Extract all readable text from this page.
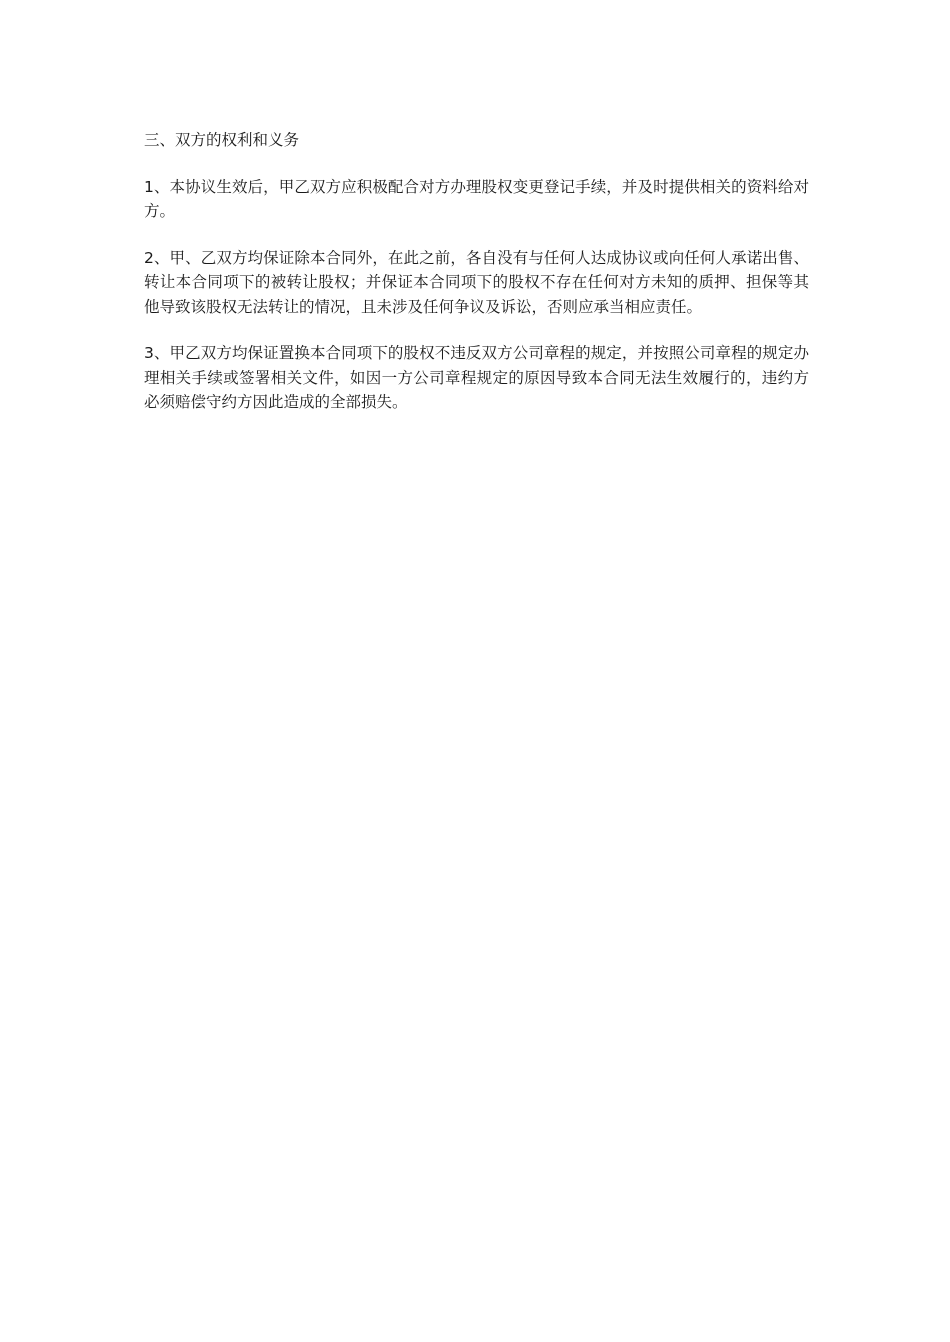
三、双方的权利和义务

1、本协议生效后，甲乙双方应积极配合对方办理股权变更登记手续，并及时提供相关的资料给对方。

2、甲、乙双方均保证除本合同外，在此之前，各自没有与任何人达成协议或向任何人承诺出售、转让本合同项下的被转让股权；并保证本合同项下的股权不存在任何对方未知的质押、担保等其他导致该股权无法转让的情况，且未涉及任何争议及诉讼，否则应承当相应责任。

3、甲乙双方均保证置换本合同项下的股权不违反双方公司章程的规定，并按照公司章程的规定办理相关手续或签署相关文件，如因一方公司章程规定的原因导致本合同无法生效履行的，违约方必须赔偿守约方因此造成的全部损失。
